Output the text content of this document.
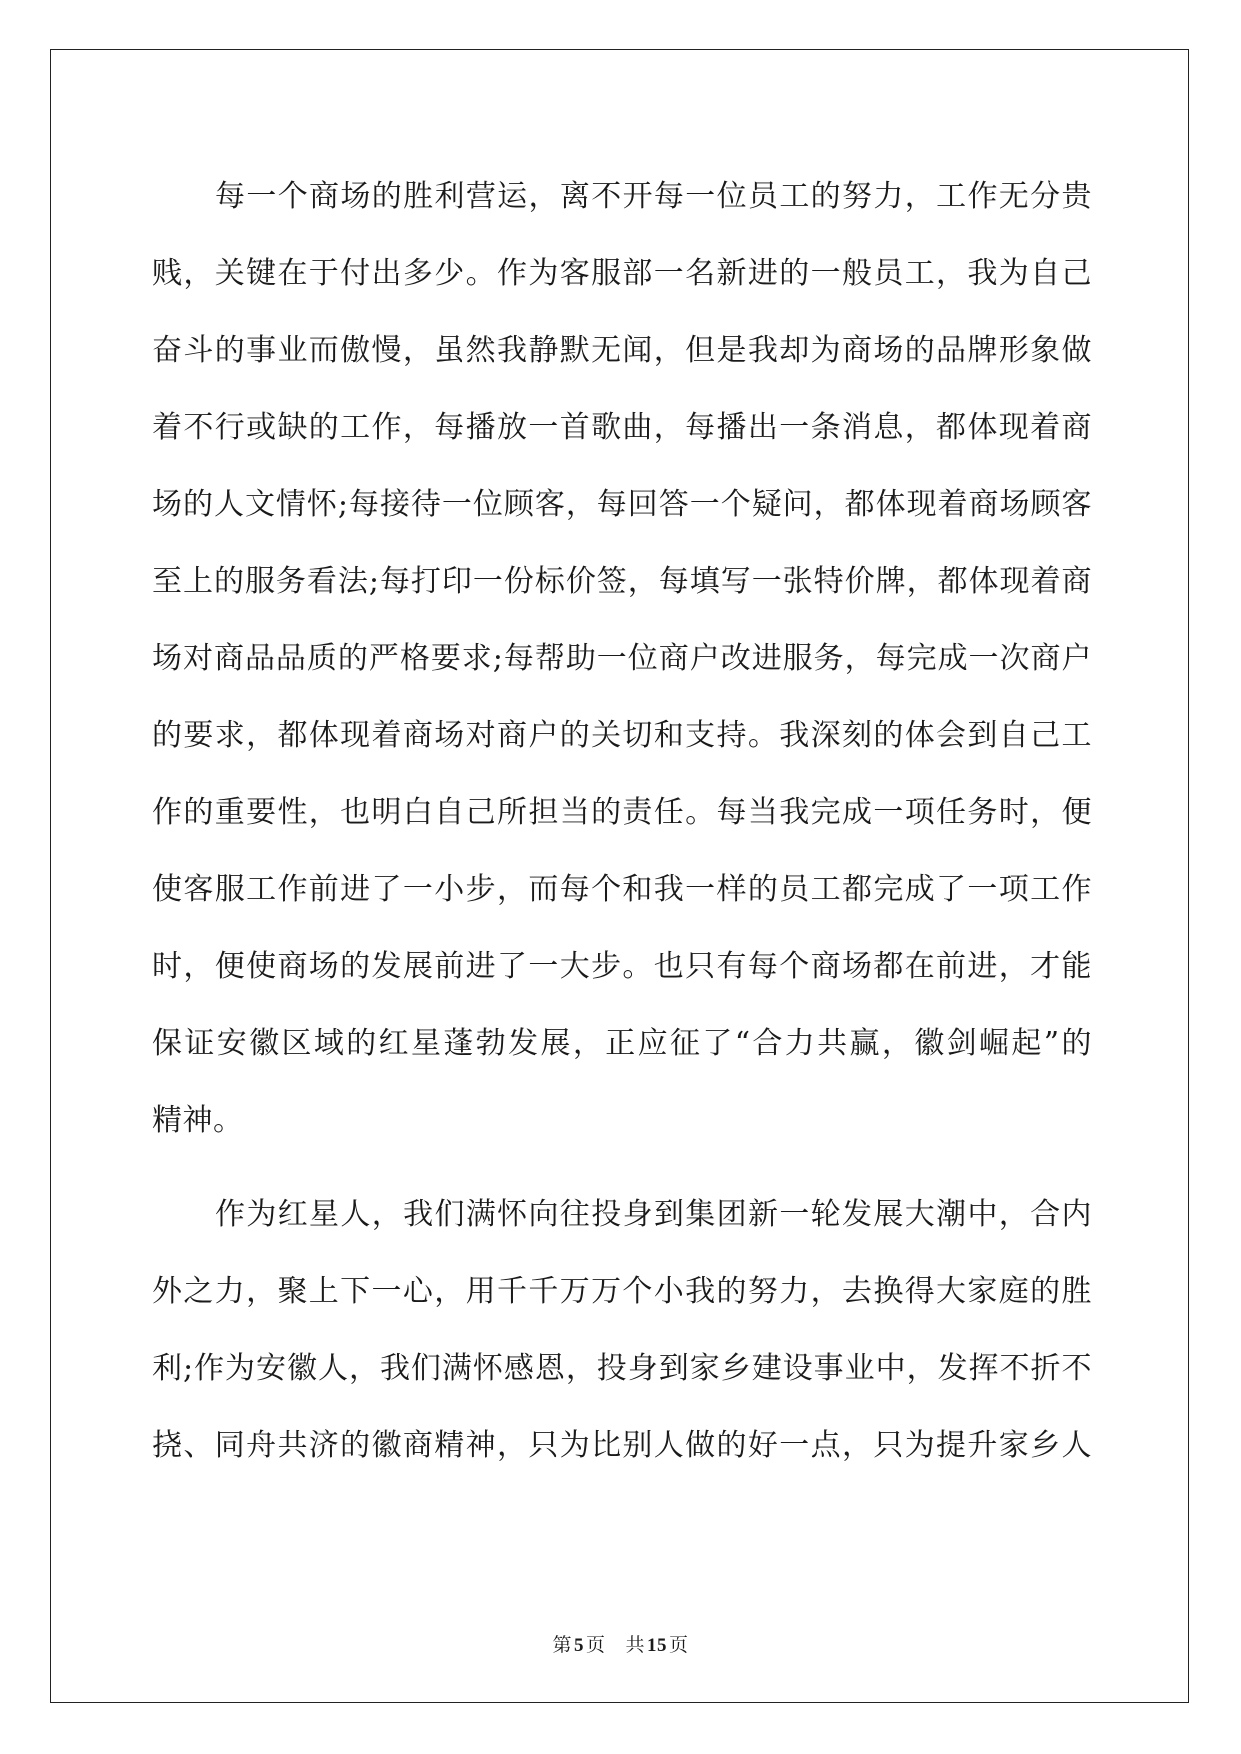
每一个商场的胜利营运，离不开每一位员工的努力，工作无分贵
贱，关键在于付出多少。作为客服部一名新进的一般员工，我为自己
奋斗的事业而傲慢，虽然我静默无闻，但是我却为商场的品牌形象做
着不行或缺的工作，每播放一首歌曲，每播出一条消息，都体现着商
场的人文情怀;每接待一位顾客，每回答一个疑问，都体现着商场顾客
至上的服务看法;每打印一份标价签，每填写一张特价牌，都体现着商
场对商品品质的严格要求;每帮助一位商户改进服务，每完成一次商户
的要求，都体现着商场对商户的关切和支持。我深刻的体会到自己工
作的重要性，也明白自己所担当的责任。每当我完成一项任务时，便
使客服工作前进了一小步，而每个和我一样的员工都完成了一项工作
时，便使商场的发展前进了一大步。也只有每个商场都在前进，才能
保证安徽区域的红星蓬勃发展，正应征了“合力共赢，徽剑崛起”的
精神。
作为红星人，我们满怀向往投身到集团新一轮发展大潮中，合内
外之力，聚上下一心，用千千万万个小我的努力，去换得大家庭的胜
利;作为安徽人，我们满怀感恩，投身到家乡建设事业中，发挥不折不
挠、同舟共济的徽商精神，只为比别人做的好一点，只为提升家乡人
第 5 页 共 15 页
